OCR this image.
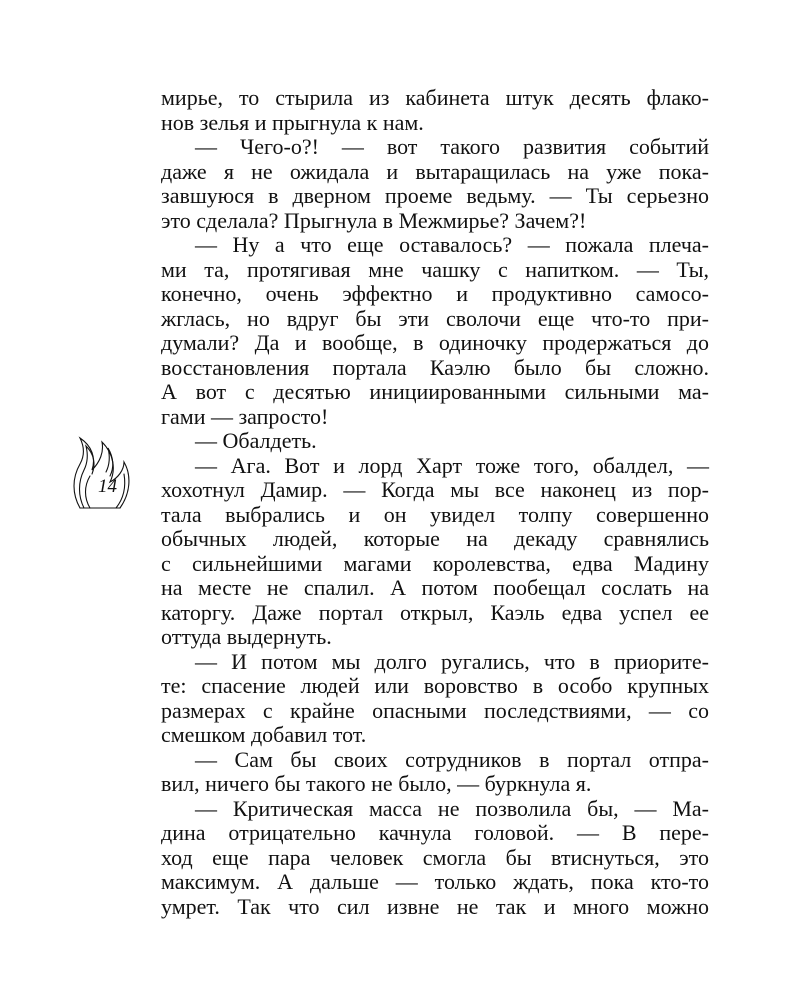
мирье, то стырила из кабинета штук десять флако-
нов зелья и прыгнула к нам.
— Чего-о?! — вот такого развития событий
даже я не ожидала и вытаращилась на уже пока-
завшуюся в дверном проеме ведьму. — Ты серьезно
это сделала? Прыгнула в Межмирье? Зачем?!
— Ну а что еще оставалось? — пожала плеча-
ми та, протягивая мне чашку с напитком. — Ты,
конечно, очень эффектно и продуктивно самосо-
жглась, но вдруг бы эти сволочи еще что-то при-
думали? Да и вообще, в одиночку продержаться до
восстановления портала Каэлю было бы сложно.
А вот с десятью инициированными сильными ма-
гами — запросто!
— Обалдеть.
— Ага. Вот и лорд Харт тоже того, обалдел, —
хохотнул Дамир. — Когда мы все наконец из пор-
тала выбрались и он увидел толпу совершенно
обычных людей, которые на декаду сравнялись
с сильнейшими магами королевства, едва Мадину
на месте не спалил. А потом пообещал сослать на
каторгу. Даже портал открыл, Каэль едва успел ее
оттуда выдернуть.
— И потом мы долго ругались, что в приорите-
те: спасение людей или воровство в особо крупных
размерах с крайне опасными последствиями, — со
смешком добавил тот.
— Сам бы своих сотрудников в портал отпра-
вил, ничего бы такого не было, — буркнула я.
— Критическая масса не позволила бы, — Ма-
дина отрицательно качнула головой. — В пере-
ход еще пара человек смогла бы втиснуться, это
максимум. А дальше — только ждать, пока кто-то
умрет. Так что сил извне не так и много можно
14
